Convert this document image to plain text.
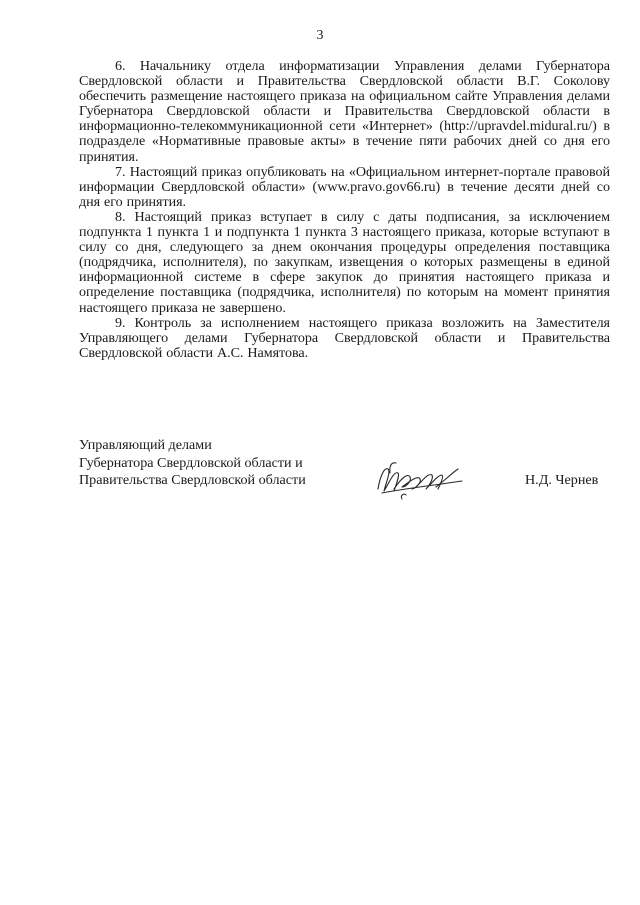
3

6. Начальнику отдела информатизации Управления делами Губернатора Свердловской области и Правительства Свердловской области В.Г. Соколову обеспечить размещение настоящего приказа на официальном сайте Управления делами Губернатора Свердловской области и Правительства Свердловской области в информационно-телекоммуникационной сети «Интернет» (http://upravdel.midural.ru/) в подразделе «Нормативные правовые акты» в течение пяти рабочих дней со дня его принятия.

7. Настоящий приказ опубликовать на «Официальном интернет-портале правовой информации Свердловской области» (www.pravo.gov66.ru) в течение десяти дней со дня его принятия.

8. Настоящий приказ вступает в силу с даты подписания, за исключением подпункта 1 пункта 1 и подпункта 1 пункта 3 настоящего приказа, которые вступают в силу со дня, следующего за днем окончания процедуры определения поставщика (подрядчика, исполнителя), по закупкам, извещения о которых размещены в единой информационной системе в сфере закупок до принятия настоящего приказа и определение поставщика (подрядчика, исполнителя) по которым на момент принятия настоящего приказа не завершено.

9. Контроль за исполнением настоящего приказа возложить на Заместителя Управляющего делами Губернатора Свердловской области и Правительства Свердловской области А.С. Намятова.

Управляющий делами
Губернатора Свердловской области и
Правительства Свердловской области	Н.Д. Чернев
